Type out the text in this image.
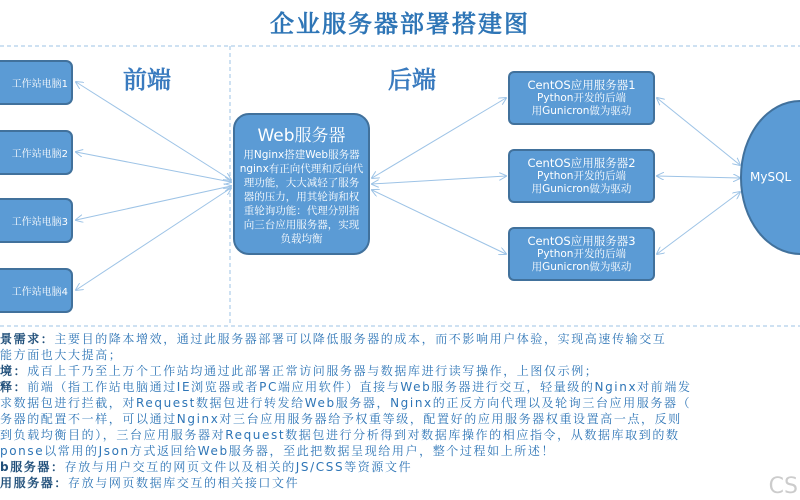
企业服务器部署搭建图
前端	后端
工作站电脑1
工作站电脑2
工作站电脑3
工作站电脑4
Web服务器
用Nginx搭建Web服务器nginx有正向代理和反向代理功能，大大减轻了服务器的压力，用其轮询和权重轮询功能：代理分别指向三台应用服务器，实现负载均衡
CentOS应用服务器1
Python开发的后端
用Gunicron做为驱动
CentOS应用服务器2
Python开发的后端
用Gunicron做为驱动
CentOS应用服务器3
Python开发的后端
用Gunicron做为驱动
MySQL
景需求：主要目的降本增效，通过此服务器部署可以降低服务器的成本，而不影响用户体验，实现高速传输交互
能方面也大大提高；
境：成百上千乃至上万个工作站均通过此部署正常访问服务器与数据库进行读写操作，上图仅示例；
释：前端（指工作站电脑通过IE浏览器或者PC端应用软件）直接与Web服务器进行交互，轻量级的Nginx对前端发
求数据包进行拦截，对Request数据包进行转发给Web服务器，Nginx的正反方向代理以及轮询三台应用服务器（
务器的配置不一样，可以通过Nginx对三台应用服务器给予权重等级，配置好的应用服务器权重设置高一点，反则
到负载均衡目的），三台应用服务器对Request数据包进行分析得到对数据库操作的相应指令，从数据库取到的数
ponse以常用的Json方式返回给Web服务器，至此把数据呈现给用户，整个过程如上所述！
b服务器：存放与用户交互的网页文件以及相关的JS/CSS等资源文件
用服务器：存放与网页数据库交互的相关接口文件	CS
